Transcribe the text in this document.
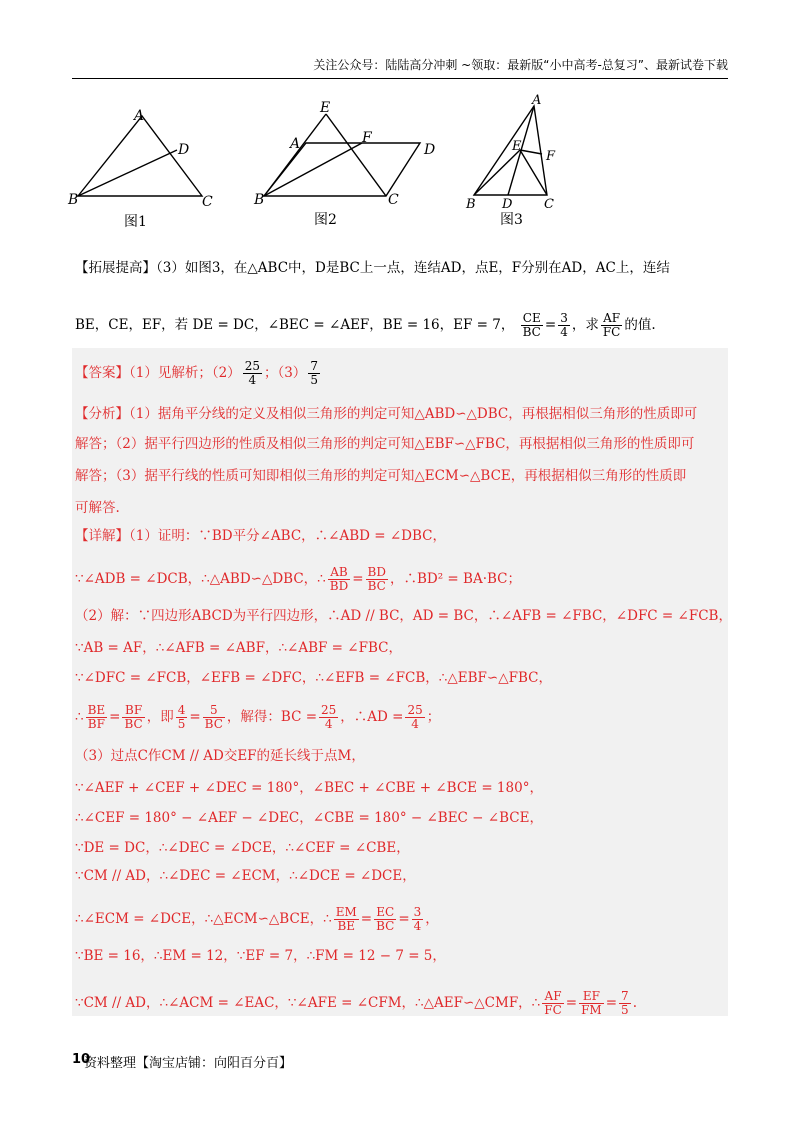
关注公众号：陆陆高分冲刺 ~领取：最新版“小中高考-总复习”、最新试卷下载
A
B	C
D
图1
E
A	F
D
B	C
图2
A
E
F
B D C
图3
【拓展提高】（3）如图3，在△ABC中，D是BC上一点，连结AD，点E，F分别在AD，AC上，连结
BE，CE，EF，若 DE = DC，∠BEC = ∠AEF，BE = 16，EF = 7， $\frac{CE}{BC} = \frac{3}{4}$ ，求 $\frac{AF}{FC}$ 的值.
【答案】（1）见解析；$(2) \frac{25}{4}$ ；$(3) \frac{7}{5}$
【分析】（1）据角平分线的定义及相似三角形的判定可知△ABD∽△DBC，再根据相似三角形的性质即可
解答；（2）据平行四边形的性质及相似三角形的判定可知△EBF∽△FBC，再根据相似三角形的性质即可
解答；（3）据平行线的性质可知即相似三角形的判定可知△ECM∽△BCE，再根据相似三角形的性质即
可解答.
【详解】（1）证明：∵BD平分∠ABC，∴∠ABD = ∠DBC，
∵∠ADB = ∠DCB，∴△ABD∽△DBC，∴ $\frac{AB}{BD} = \frac{BD}{BC}$ ，∴BD² = BA·BC；
（2）解：∵四边形ABCD为平行四边形，∴AD // BC，AD = BC，∴∠AFB = ∠FBC，∠DFC = ∠FCB，
∵AB = AF，∴∠AFB = ∠ABF，∴∠ABF = ∠FBC，
∵∠DFC = ∠FCB，∠EFB = ∠DFC，∴∠EFB = ∠FCB，∴△EBF∽△FBC，
∴ $\frac{BE}{BF} = \frac{BF}{BC}$ ，即 $\frac{4}{5} = \frac{5}{BC}$ ，解得：BC = $\frac{25}{4}$ ，∴AD = $\frac{25}{4}$ ；
（3）过点C作CM // AD交EF的延长线于点M，
∵∠AEF + ∠CEF + ∠DEC = 180°，∠BEC + ∠CBE + ∠BCE = 180°，
∴∠CEF = 180° − ∠AEF − ∠DEC，∠CBE = 180° − ∠BEC − ∠BCE，
∵DE = DC，∴∠DEC = ∠DCE，∴∠CEF = ∠CBE，
∵CM // AD，∴∠DEC = ∠ECM，∴∠DCE = ∠DCE，
∴∠ECM = ∠DCE，∴△ECM∽△BCE，∴ $\frac{EM}{BE} = \frac{EC}{BC} = \frac{3}{4}$ ，
∵BE = 16，∴EM = 12，∵EF = 7，∴FM = 12 − 7 = 5，
∵CM // AD，∴∠ACM = ∠EAC，∵∠AFE = ∠CFM，∴△AEF∽△CMF，∴ $\frac{AF}{FC} = \frac{EF}{FM} = \frac{7}{5}$ .
10
资料整理【淘宝店铺：向阳百分百】
